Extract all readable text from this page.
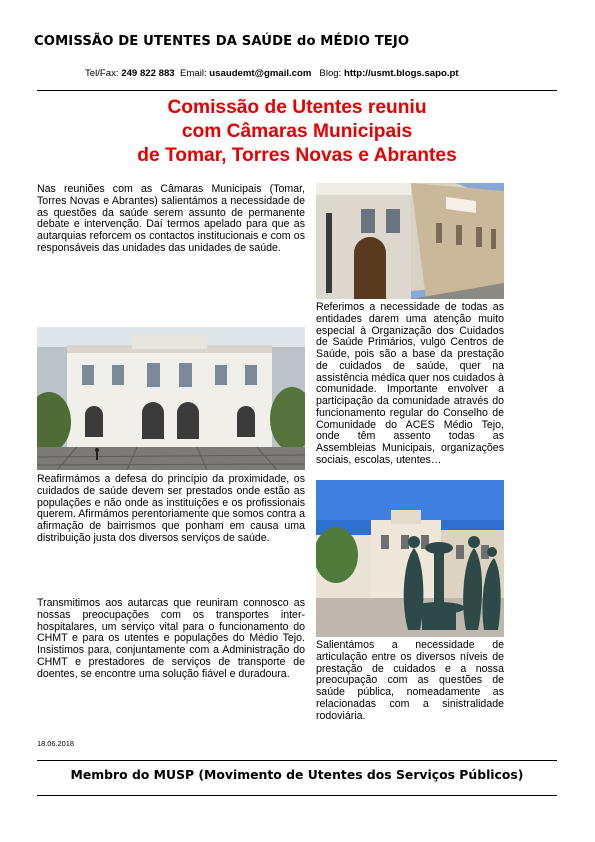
COMISSÃO DE UTENTES DA SAÚDE do MÉDIO TEJO
Tel/Fax: 249 822 883 Email: usaudemt@gmail.com Blog: http://usmt.blogs.sapo.pt
Comissão de Utentes reuniu
com Câmaras Municipais
de Tomar, Torres Novas e Abrantes

Nas reuniões com as Câmaras Municipais (Tomar, Torres Novas e Abrantes) salientámos a necessidade de as questões da saúde serem assunto de permanente debate e intervenção. Daí termos apelado para que as autarquias reforcem os contactos institucionais e com os responsáveis das unidades das unidades de saúde.

Reafirmámos a defesa do princípio da proximidade, os cuidados de saúde devem ser prestados onde estão as populações e não onde as instituições e os profissionais querem. Afirmámos perentoriamente que somos contra a afirmação de bairrismos que ponham em causa uma distribuição justa dos diversos serviços de saúde.

Transmitimos aos autarcas que reuniram connosco as nossas preocupações com os transportes inter-hospitalares, um serviço vital para o funcionamento do CHMT e para os utentes e populações do Médio Tejo. Insistimos para, conjuntamente com a Administração do CHMT e prestadores de serviços de transporte de doentes, se encontre uma solução fiável e duradoura.

Referimos a necessidade de todas as entidades darem uma atenção muito especial à Organização dos Cuidados de Saúde Primários, vulgo Centros de Saúde, pois são a base da prestação de cuidados de saúde, quer na assistência médica quer nos cuidados à comunidade. Importante envolver a participação da comunidade através do funcionamento regular do Conselho de Comunidade do ACES Médio Tejo, onde têm assento todas as Assembleias Municipais, organizações sociais, escolas, utentes…

Salientámos a necessidade de articulação entre os diversos níveis de prestação de cuidados e a nossa preocupação com as questões de saúde pública, nomeadamente as relacionadas com a sinistralidade rodoviária.

18.06.2018
Membro do MUSP (Movimento de Utentes dos Serviços Públicos)
